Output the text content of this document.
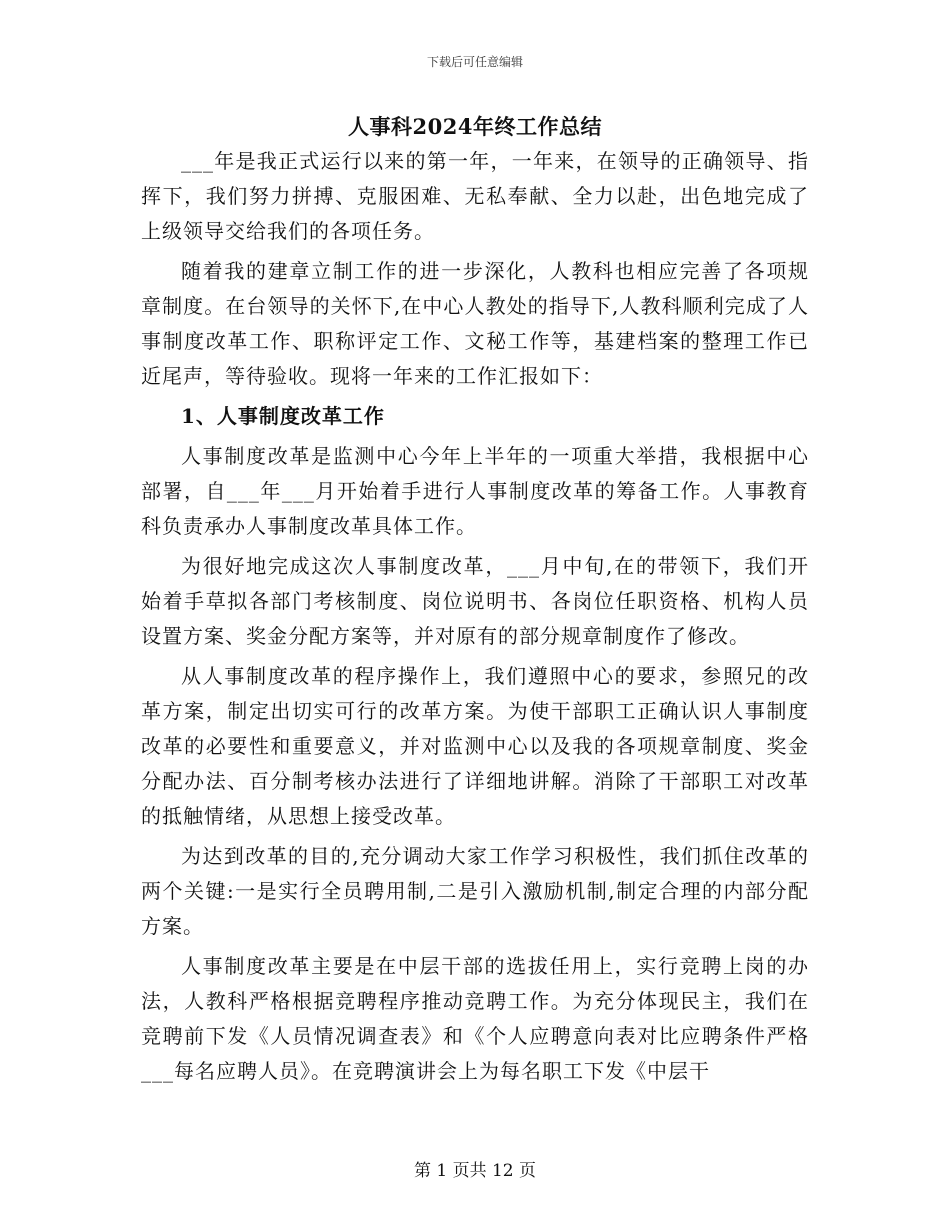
下载后可任意编辑
人事科2024年终工作总结

___年是我正式运行以来的第一年，一年来，在领导的正确领导、指挥下，我们努力拼搏、克服困难、无私奉献、全力以赴，出色地完成了上级领导交给我们的各项任务。

随着我的建章立制工作的进一步深化，人教科也相应完善了各项规章制度。在台领导的关怀下,在中心人教处的指导下,人教科顺利完成了人事制度改革工作、职称评定工作、文秘工作等，基建档案的整理工作已近尾声，等待验收。现将一年来的工作汇报如下：

1、人事制度改革工作

人事制度改革是监测中心今年上半年的一项重大举措，我根据中心部署，自___年___月开始着手进行人事制度改革的筹备工作。人事教育科负责承办人事制度改革具体工作。

为很好地完成这次人事制度改革，___月中旬,在的带领下，我们开始着手草拟各部门考核制度、岗位说明书、各岗位任职资格、机构人员设置方案、奖金分配方案等，并对原有的部分规章制度作了修改。

从人事制度改革的程序操作上，我们遵照中心的要求，参照兄的改革方案，制定出切实可行的改革方案。为使干部职工正确认识人事制度改革的必要性和重要意义，并对监测中心以及我的各项规章制度、奖金分配办法、百分制考核办法进行了详细地讲解。消除了干部职工对改革的抵触情绪，从思想上接受改革。

为达到改革的目的,充分调动大家工作学习积极性，我们抓住改革的两个关键:一是实行全员聘用制,二是引入激励机制,制定合理的内部分配方案。

人事制度改革主要是在中层干部的选拔任用上，实行竞聘上岗的办法，人教科严格根据竞聘程序推动竞聘工作。为充分体现民主，我们在竞聘前下发《人员情况调查表》和《个人应聘意向表对比应聘条件严格___每名应聘人员》。在竞聘演讲会上为每名职工下发《中层干

第 1 页共 12 页
